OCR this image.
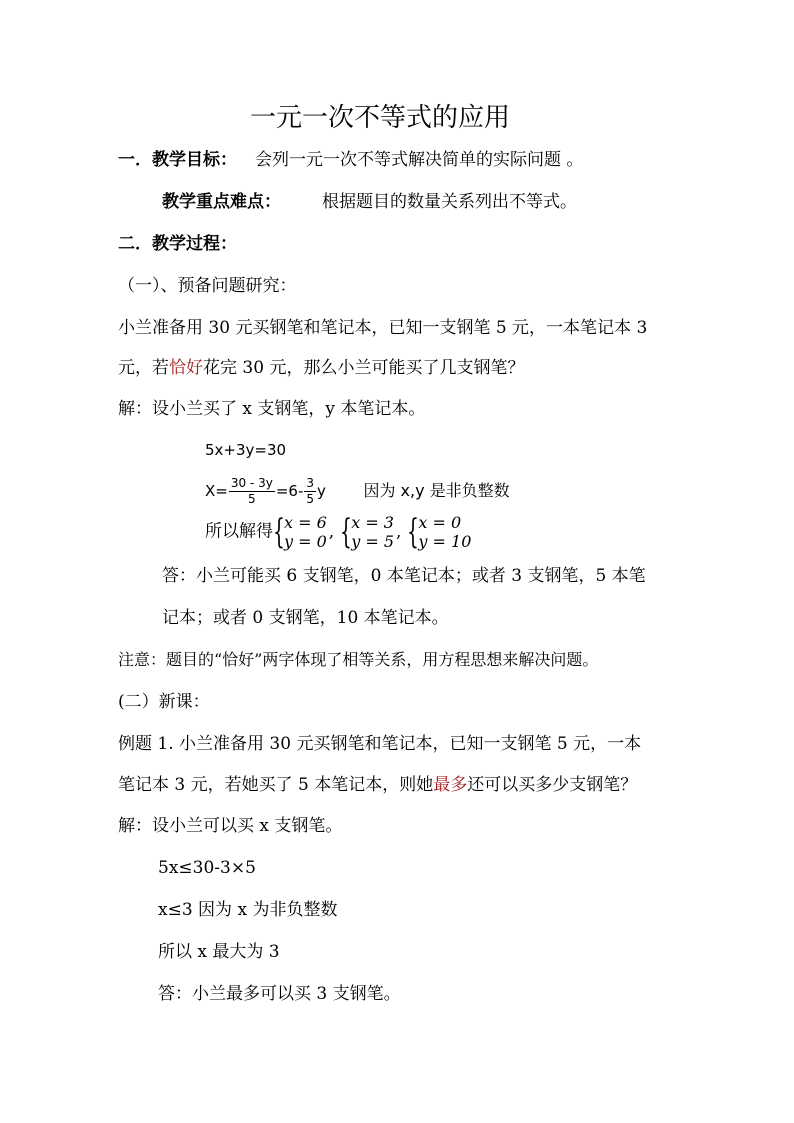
一元一次不等式的应用
一．教学目标： 会列一元一次不等式解决简单的实际问题 。
教学重点难点： 根据题目的数量关系列出不等式。
二．教学过程：
（一）、预备问题研究：
小兰准备用 30 元买钢笔和笔记本，已知一支钢笔 5 元，一本笔记本 3
元，若恰好花完 30 元，那么小兰可能买了几支钢笔？
解：设小兰买了 x 支钢笔，y 本笔记本。
5x+3y=30
$X= \frac{30 - 3y}{5} =6- \frac{3}{5}$ y 因为 x,y 是非负整数
所以解得 { x = 6
y = 0 , { x = 3
y = 5 , { x = 0
y = 10
答：小兰可能买 6 支钢笔，0 本笔记本；或者 3 支钢笔，5 本笔
记本；或者 0 支钢笔，10 本笔记本。
注意：题目的“恰好”两字体现了相等关系，用方程思想来解决问题。
(二）新课：
例题 1. 小兰准备用 30 元买钢笔和笔记本，已知一支钢笔 5 元，一本
笔记本 3 元，若她买了 5 本笔记本，则她最多还可以买多少支钢笔？
解：设小兰可以买 x 支钢笔。
5x≤30-3×5
x≤3 因为 x 为非负整数
所以 x 最大为 3
答：小兰最多可以买 3 支钢笔。
